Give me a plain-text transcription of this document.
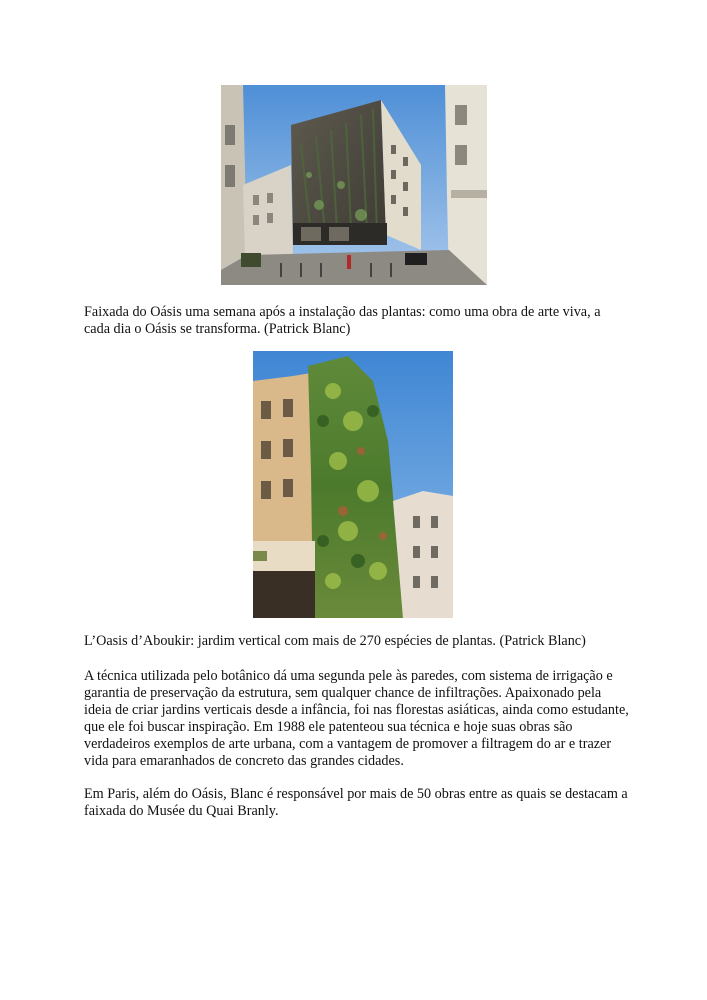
Faixada do Oásis uma semana após a instalação das plantas: como uma obra de arte viva, a cada dia o Oásis se transforma. (Patrick Blanc)

L’Oasis d’Aboukir: jardim vertical com mais de 270 espécies de plantas. (Patrick Blanc)

A técnica utilizada pelo botânico dá uma segunda pele às paredes, com sistema de irrigação e garantia de preservação da estrutura, sem qualquer chance de infiltrações. Apaixonado pela ideia de criar jardins verticais desde a infância, foi nas florestas asiáticas, ainda como estudante, que ele foi buscar inspiração. Em 1988 ele patenteou sua técnica e hoje suas obras são verdadeiros exemplos de arte urbana, com a vantagem de promover a filtragem do ar e trazer vida para emaranhados de concreto das grandes cidades.

Em Paris, além do Oásis, Blanc é responsável por mais de 50 obras entre as quais se destacam a faixada do Musée du Quai Branly.
